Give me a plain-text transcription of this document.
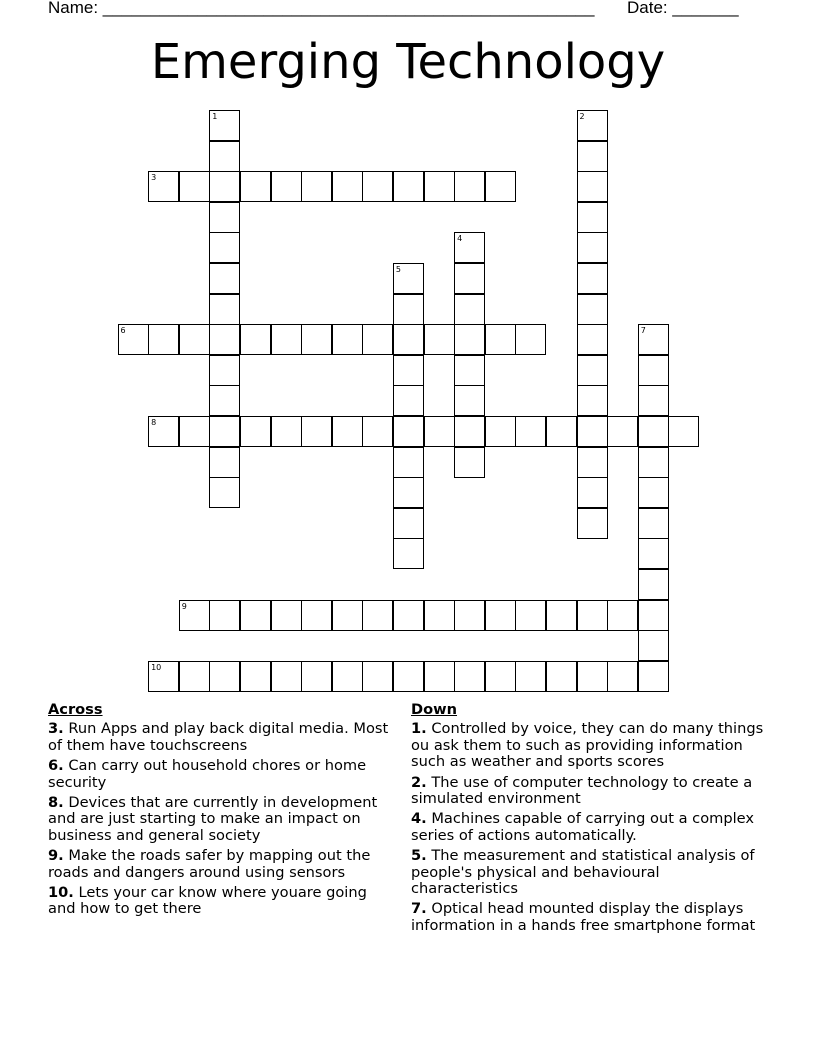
Name: ____________________________________________________ Date: _______
Emerging Technology
1	2
3
4
5
6	7
8
9
10
Across
3. Run Apps and play back digital media. Most of them have touchscreens
6. Can carry out household chores or home security
8. Devices that are currently in development and are just starting to make an impact on business and general society
9. Make the roads safer by mapping out the roads and dangers around using sensors
10. Lets your car know where youare going and how to get there
Down
1. Controlled by voice, they can do many things ou ask them to such as providing information such as weather and sports scores
2. The use of computer technology to create a simulated environment
4. Machines capable of carrying out a complex series of actions automatically.
5. The measurement and statistical analysis of people's physical and behavioural characteristics
7. Optical head mounted display the displays information in a hands free smartphone format
